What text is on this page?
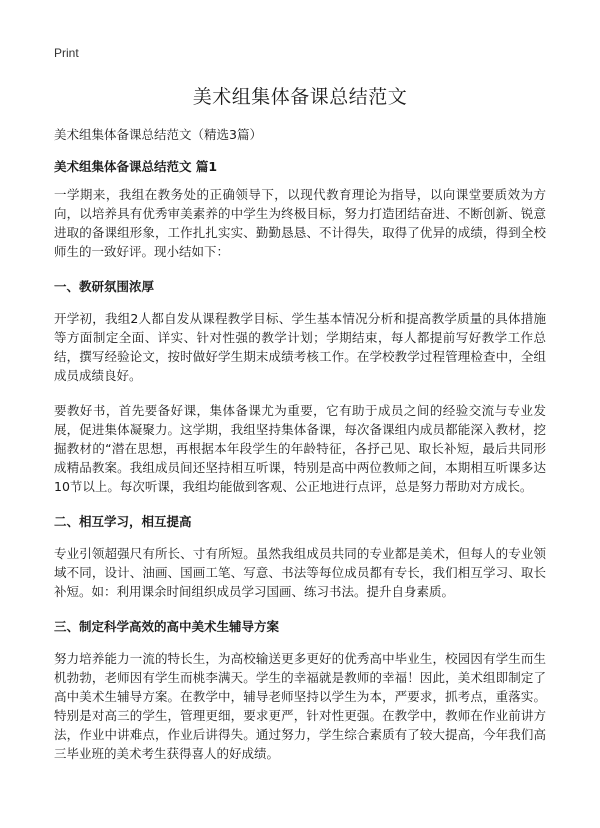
Print
美术组集体备课总结范文

美术组集体备课总结范文（精选3篇）

美术组集体备课总结范文 篇1

一学期来，我组在教务处的正确领导下，以现代教育理论为指导，以向课堂要质效为方向，以培养具有优秀审美素养的中学生为终极目标，努力打造团结奋进、不断创新、锐意进取的备课组形象，工作扎扎实实、勤勤恳恳、不计得失，取得了优异的成绩，得到全校师生的一致好评。现小结如下：

一、教研氛围浓厚

开学初，我组2人都自发从课程教学目标、学生基本情况分析和提高教学质量的具体措施等方面制定全面、详实、针对性强的教学计划；学期结束，每人都提前写好教学工作总结，撰写经验论文，按时做好学生期末成绩考核工作。在学校教学过程管理检查中，全组成员成绩良好。

要教好书，首先要备好课，集体备课尤为重要，它有助于成员之间的经验交流与专业发展，促进集体凝聚力。这学期，我组坚持集体备课，每次备课组内成员都能深入教材，挖掘教材的“潜在思想，再根据本年段学生的年龄特征，各抒己见、取长补短，最后共同形成精品教案。我组成员间还坚持相互听课，特别是高中两位教师之间，本期相互听课多达10节以上。每次听课，我组均能做到客观、公正地进行点评，总是努力帮助对方成长。

二、相互学习，相互提高

专业引领超强尺有所长、寸有所短。虽然我组成员共同的专业都是美术，但每人的专业领域不同，设计、油画、国画工笔、写意、书法等每位成员都有专长，我们相互学习、取长补短。如：利用课余时间组织成员学习国画、练习书法。提升自身素质。

三、制定科学高效的高中美术生辅导方案

努力培养能力一流的特长生，为高校输送更多更好的优秀高中毕业生，校园因有学生而生机勃勃，老师因有学生而桃李满天。学生的幸福就是教师的幸福！因此，美术组即制定了高中美术生辅导方案。在教学中，辅导老师坚持以学生为本，严要求，抓考点，重落实。特别是对高三的学生，管理更细，要求更严，针对性更强。在教学中，教师在作业前讲方法，作业中讲难点，作业后讲得失。通过努力，学生综合素质有了较大提高，今年我们高三毕业班的美术考生获得喜人的好成绩。
